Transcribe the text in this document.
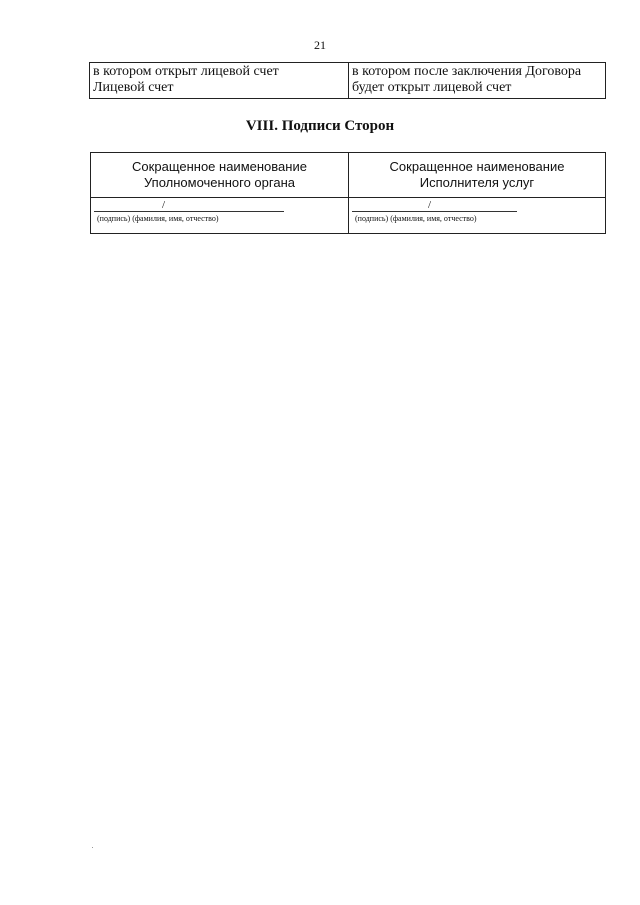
21
в котором открыт лицевой счет
Лицевой счет
в котором после заключения Договора
будет открыт лицевой счет
VIII. Подписи Сторон
Сокращенное наименование
Уполномоченного органа
Сокращенное наименование
Исполнителя услуг
/
(подпись) (фамилия, имя, отчество)
/
(подпись) (фамилия, имя, отчество)
